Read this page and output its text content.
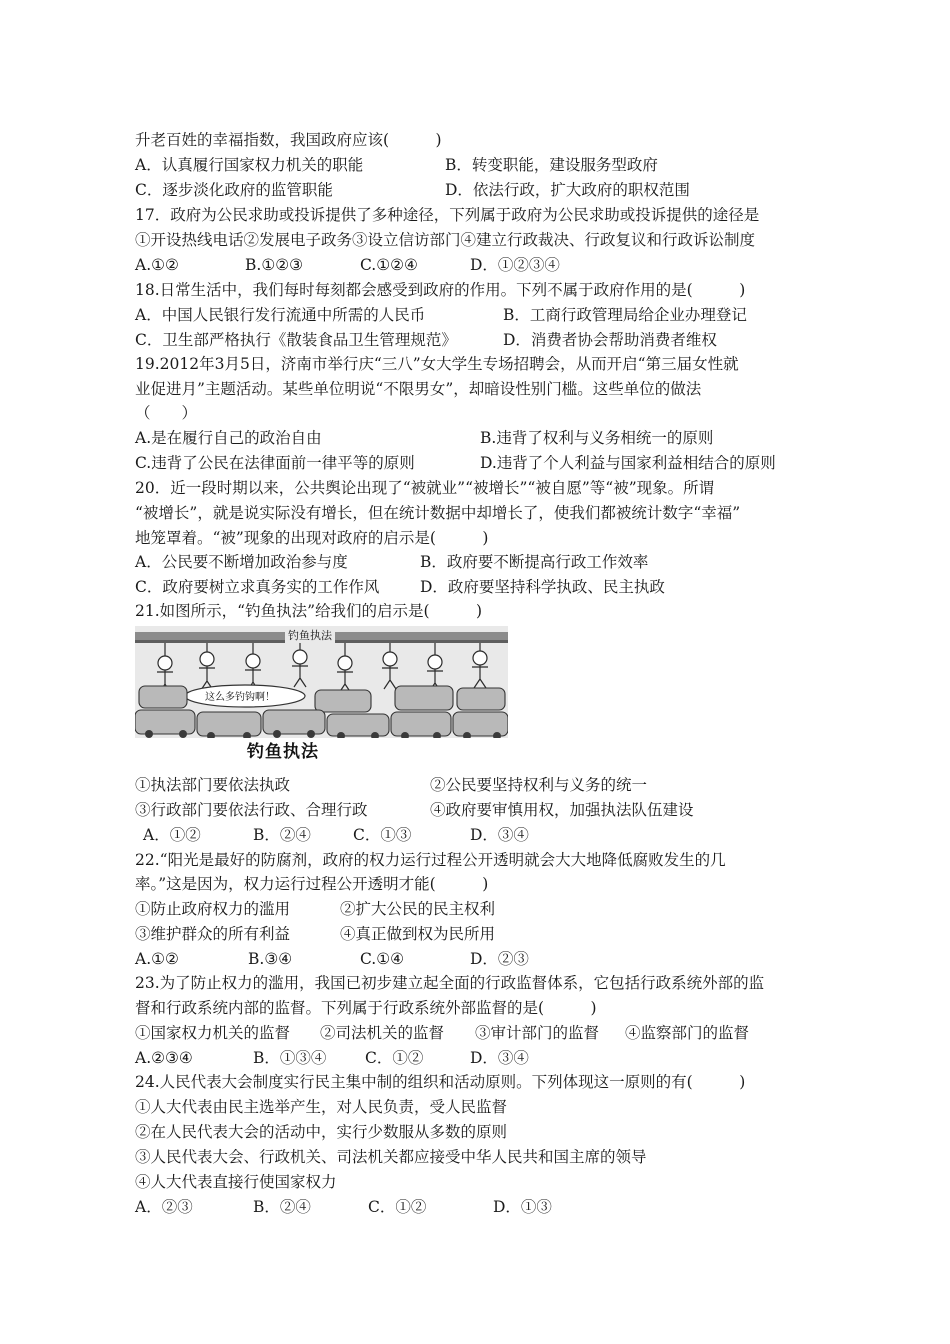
升老百姓的幸福指数，我国政府应该(　　　)
A．认真履行国家权力机关的职能	B．转变职能，建设服务型政府
C．逐步淡化政府的监管职能	D．依法行政，扩大政府的职权范围
17．政府为公民求助或投诉提供了多种途径，下列属于政府为公民求助或投诉提供的途径是
①开设热线电话②发展电子政务③设立信访部门④建立行政裁决、行政复议和行政诉讼制度
A.①②	B.①②③	C.①②④	D．①②③④
18.日常生活中，我们每时每刻都会感受到政府的作用。下列不属于政府作用的是(　　　)
A．中国人民银行发行流通中所需的人民币	B．工商行政管理局给企业办理登记
C．卫生部严格执行《散装食品卫生管理规范》	D．消费者协会帮助消费者维权
19.2012年3月5日，济南市举行庆“三八”女大学生专场招聘会，从而开启“第三届女性就
业促进月”主题活动。某些单位明说“不限男女”，却暗设性别门槛。这些单位的做法
（　　）
A.是在履行自己的政治自由	B.违背了权利与义务相统一的原则
C.违背了公民在法律面前一律平等的原则	D.违背了个人利益与国家利益相结合的原则
20．近一段时期以来，公共舆论出现了“被就业”“被增长”“被自愿”等“被”现象。所谓
“被增长”，就是说实际没有增长，但在统计数据中却增长了，使我们都被统计数字“幸福”
地笼罩着。“被”现象的出现对政府的启示是(　　　)
A．公民要不断增加政治参与度	B．政府要不断提高行政工作效率
C．政府要树立求真务实的工作作风	D．政府要坚持科学执政、民主执政
21.如图所示，“钓鱼执法”给我们的启示是(　　　)
钓鱼执法
这么多钓钩啊！
钓鱼执法
①执法部门要依法执政	②公民要坚持权利与义务的统一
③行政部门要依法行政、合理行政	④政府要审慎用权，加强执法队伍建设
A．①②	B．②④	C．①③	D．③④
22.“阳光是最好的防腐剂，政府的权力运行过程公开透明就会大大地降低腐败发生的几
率。”这是因为，权力运行过程公开透明才能(　　　)
①防止政府权力的滥用	②扩大公民的民主权利
③维护群众的所有利益	④真正做到权为民所用
A.①②	B.③④	C.①④	D．②③
23.为了防止权力的滥用，我国已初步建立起全面的行政监督体系，它包括行政系统外部的监
督和行政系统内部的监督。下列属于行政系统外部监督的是(　　　)
①国家权力机关的监督 ②司法机关的监督 ③审计部门的监督 ④监察部门的监督
A.②③④	B．①③④ C．①②	D．③④
24.人民代表大会制度实行民主集中制的组织和活动原则。下列体现这一原则的有(　　　)
①人大代表由民主选举产生，对人民负责，受人民监督
②在人民代表大会的活动中，实行少数服从多数的原则
③人民代表大会、行政机关、司法机关都应接受中华人民共和国主席的领导
④人大代表直接行使国家权力
A．②③	B．②④	C．①②	D．①③
